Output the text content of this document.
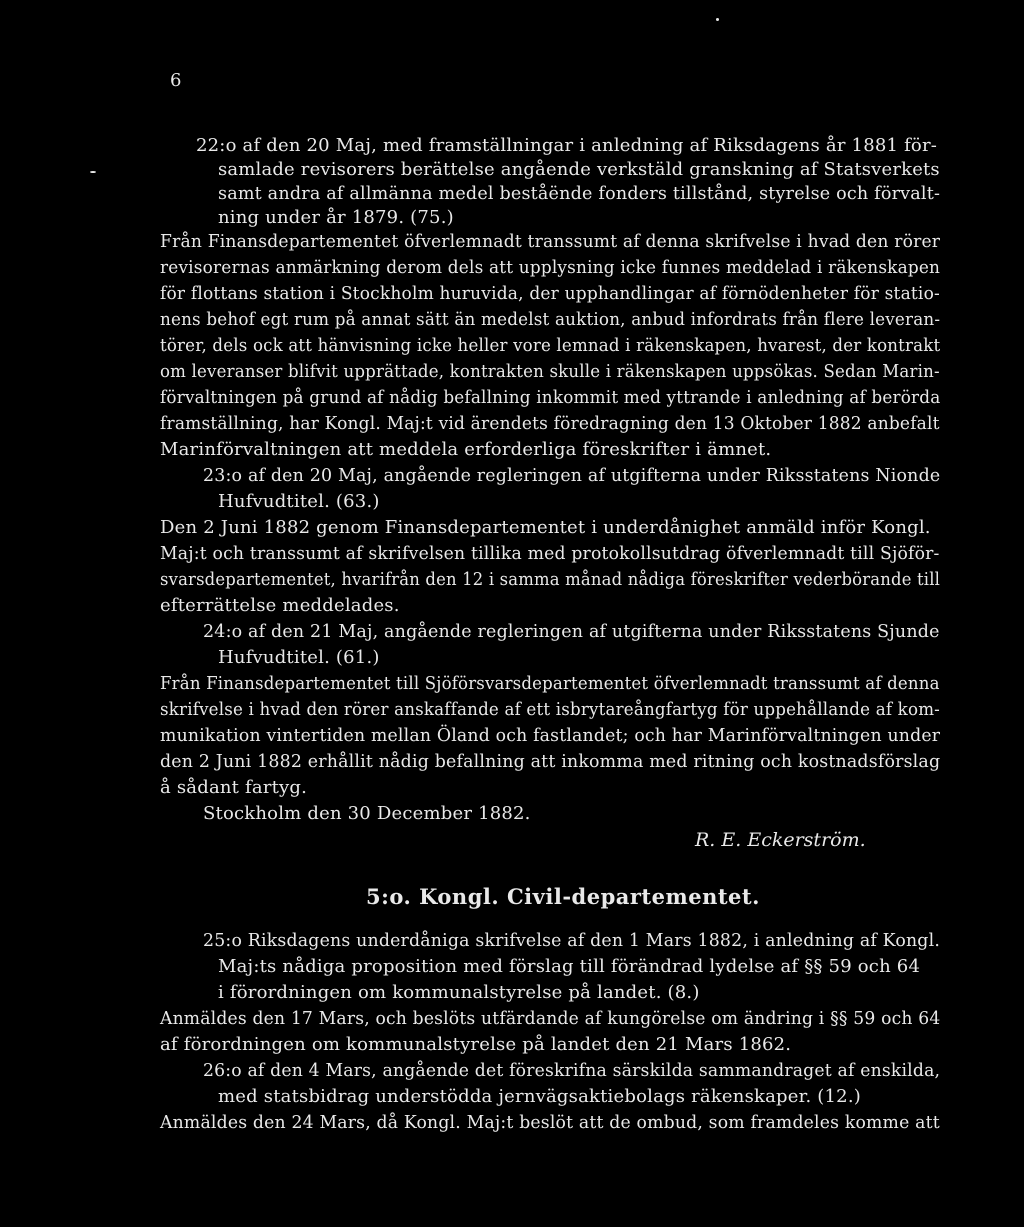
6
22:o af den 20 Maj, med framställningar i anledning af Riksdagens år 1881 för-
samlade revisorers berättelse angående verkstäld granskning af Statsverkets
samt andra af allmänna medel beståënde fonders tillstånd, styrelse och förvalt-
ning under år 1879. (75.)
Från Finansdepartementet öfverlemnadt transsumt af denna skrifvelse i hvad den rörer
revisorernas anmärkning derom dels att upplysning icke funnes meddelad i räkenskapen
för flottans station i Stockholm huruvida, der upphandlingar af förnödenheter för statio-
nens behof egt rum på annat sätt än medelst auktion, anbud infordrats från flere leveran-
törer, dels ock att hänvisning icke heller vore lemnad i räkenskapen, hvarest, der kontrakt
om leveranser blifvit upprättade, kontrakten skulle i räkenskapen uppsökas. Sedan Marin-
förvaltningen på grund af nådig befallning inkommit med yttrande i anledning af berörda
framställning, har Kongl. Maj:t vid ärendets föredragning den 13 Oktober 1882 anbefalt
Marinförvaltningen att meddela erforderliga föreskrifter i ämnet.
23:o af den 20 Maj, angående regleringen af utgifterna under Riksstatens Nionde
Hufvudtitel. (63.)
Den 2 Juni 1882 genom Finansdepartementet i underdånighet anmäld inför Kongl.
Maj:t och transsumt af skrifvelsen tillika med protokollsutdrag öfverlemnadt till Sjöför-
svarsdepartementet, hvarifrån den 12 i samma månad nådiga föreskrifter vederbörande till
efterrättelse meddelades.
24:o af den 21 Maj, angående regleringen af utgifterna under Riksstatens Sjunde
Hufvudtitel. (61.)
Från Finansdepartementet till Sjöförsvarsdepartementet öfverlemnadt transsumt af denna
skrifvelse i hvad den rörer anskaffande af ett isbrytareångfartyg för uppehållande af kom-
munikation vintertiden mellan Öland och fastlandet; och har Marinförvaltningen under
den 2 Juni 1882 erhållit nådig befallning att inkomma med ritning och kostnadsförslag
å sådant fartyg.
Stockholm den 30 December 1882.
R. E. Eckerström.
5:o. Kongl. Civil-departementet.
25:o Riksdagens underdåniga skrifvelse af den 1 Mars 1882, i anledning af Kongl.
Maj:ts nådiga proposition med förslag till förändrad lydelse af §§ 59 och 64
i förordningen om kommunalstyrelse på landet. (8.)
Anmäldes den 17 Mars, och beslöts utfärdande af kungörelse om ändring i §§ 59 och 64
af förordningen om kommunalstyrelse på landet den 21 Mars 1862.
26:o af den 4 Mars, angående det föreskrifna särskilda sammandraget af enskilda,
med statsbidrag understödda jernvägsaktiebolags räkenskaper. (12.)
Anmäldes den 24 Mars, då Kongl. Maj:t beslöt att de ombud, som framdeles komme att
